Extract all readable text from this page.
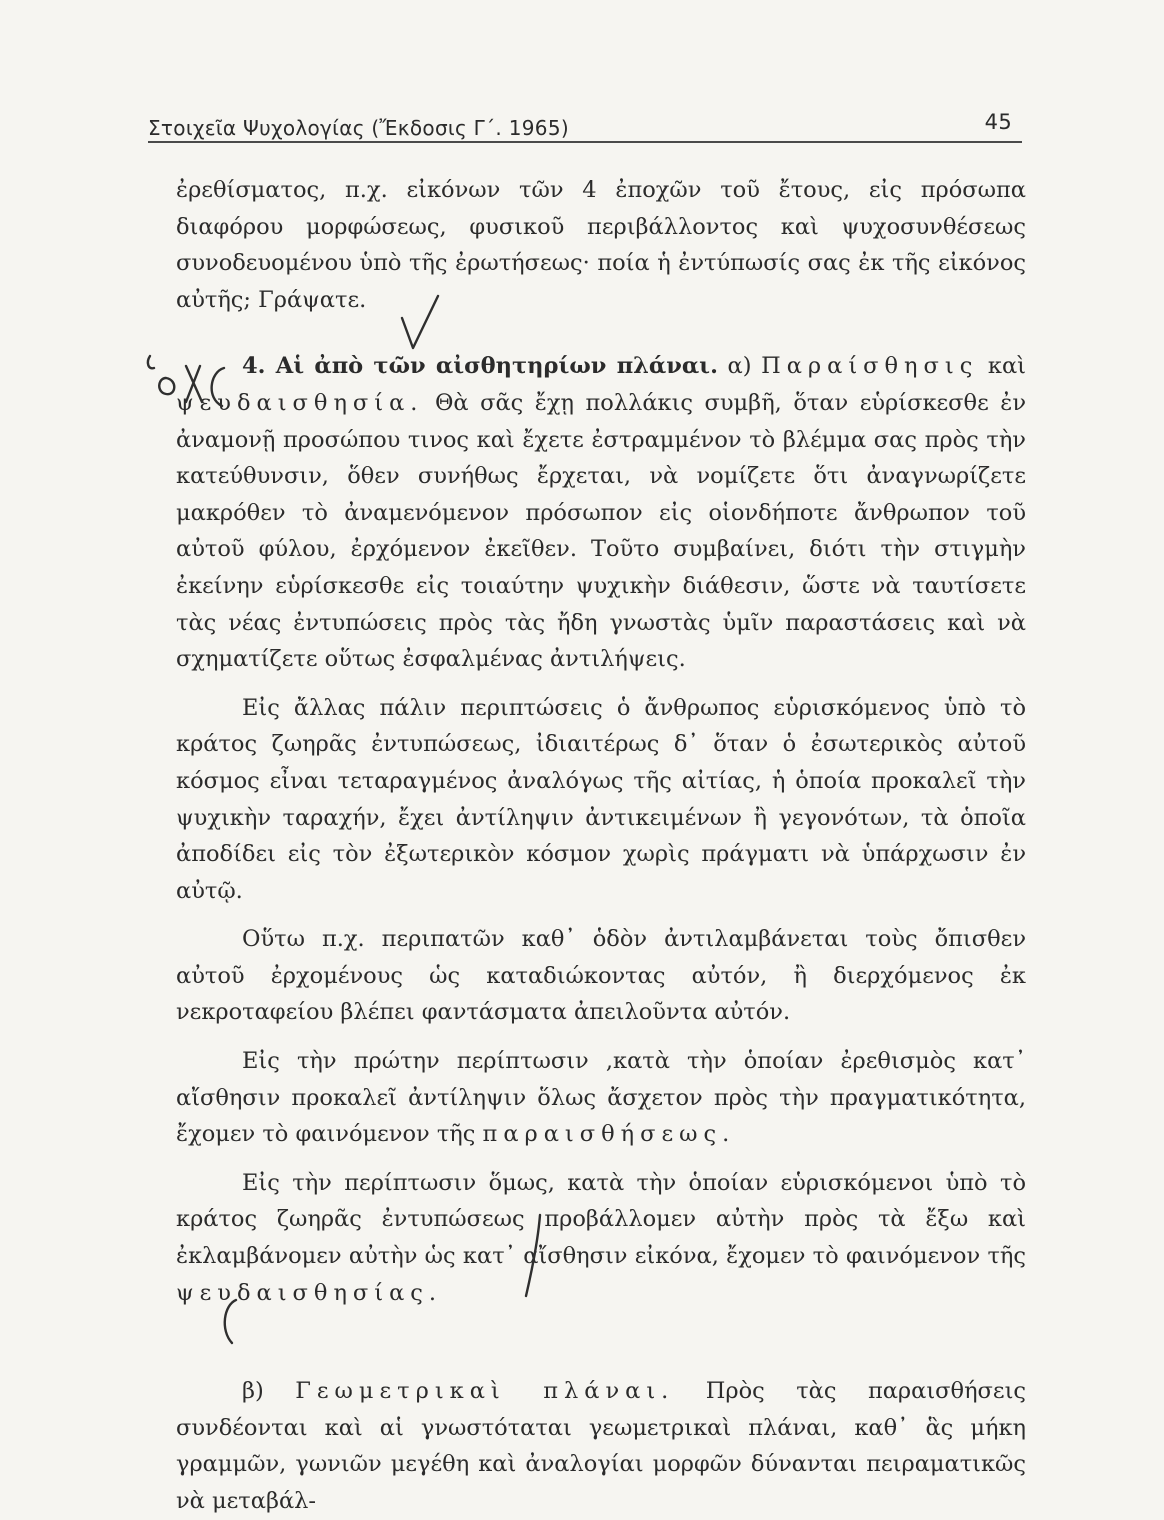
Στοιχεῖα Ψυχολογίας (Ἔκδοσις Γ΄. 1965)	45

ἐρεθίσματος, π.χ. εἰκόνων τῶν 4 ἐποχῶν τοῦ ἔτους, εἰς πρόσωπα διαφόρου μορφώσεως, φυσικοῦ περιβάλλοντος καὶ ψυχοσυνθέσεως συνοδευομένου ὑπὸ τῆς ἐρωτήσεως· ποία ἡ ἐντύπωσίς σας ἐκ τῆς εἰκόνος αὐτῆς; Γράψατε.

4. Αἱ ἀπὸ τῶν αἰσθητηρίων πλάναι. α) Παραίσθησις καὶ ψευδαισθησία. Θὰ σᾶς ἔχῃ πολλάκις συμβῆ, ὅταν εὑρίσκεσθε ἐν ἀναμονῇ προσώπου τινος καὶ ἔχετε ἐστραμμένον τὸ βλέμμα σας πρὸς τὴν κατεύθυνσιν, ὅθεν συνήθως ἔρχεται, νὰ νομίζετε ὅτι ἀναγνωρίζετε μακρόθεν τὸ ἀναμενόμενον πρόσωπον εἰς οἱονδήποτε ἄνθρωπον τοῦ αὐτοῦ φύλου, ἐρχόμενον ἐκεῖθεν. Τοῦτο συμβαίνει, διότι τὴν στιγμὴν ἐκείνην εὑρίσκεσθε εἰς τοιαύτην ψυχικὴν διάθεσιν, ὥστε νὰ ταυτίσετε τὰς νέας ἐντυπώσεις πρὸς τὰς ἤδη γνωστὰς ὑμῖν παραστάσεις καὶ νὰ σχηματίζετε οὕτως ἐσφαλμένας ἀντιλήψεις.

Εἰς ἄλλας πάλιν περιπτώσεις ὁ ἄνθρωπος εὑρισκόμενος ὑπὸ τὸ κράτος ζωηρᾶς ἐντυπώσεως, ἰδιαιτέρως δ᾿ ὅταν ὁ ἐσωτερικὸς αὐτοῦ κόσμος εἶναι τεταραγμένος ἀναλόγως τῆς αἰτίας, ἡ ὁποία προκαλεῖ τὴν ψυχικὴν ταραχήν, ἔχει ἀντίληψιν ἀντικειμένων ἢ γεγονότων, τὰ ὁποῖα ἀποδίδει εἰς τὸν ἐξωτερικὸν κόσμον χωρὶς πράγματι νὰ ὑπάρχωσιν ἐν αὐτῷ.

Οὕτω π.χ. περιπατῶν καθ᾿ ὁδὸν ἀντιλαμβάνεται τοὺς ὄπισθεν αὐτοῦ ἐρχομένους ὡς καταδιώκοντας αὐτόν, ἢ διερχόμενος ἐκ νεκροταφείου βλέπει φαντάσματα ἀπειλοῦντα αὐτόν.

Εἰς τὴν πρώτην περίπτωσιν ,κατὰ τὴν ὁποίαν ἐρεθισμὸς κατ᾿ αἴσθησιν προκαλεῖ ἀντίληψιν ὅλως ἄσχετον πρὸς τὴν πραγματικότητα, ἔχομεν τὸ φαινόμενον τῆς παραισθήσεως.

Εἰς τὴν περίπτωσιν ὅμως, κατὰ τὴν ὁποίαν εὑρισκόμενοι ὑπὸ τὸ κράτος ζωηρᾶς ἐντυπώσεως προβάλλομεν αὐτὴν πρὸς τὰ ἔξω καὶ ἐκλαμβάνομεν αὐτὴν ὡς κατ᾿ αἴσθησιν εἰκόνα, ἔχομεν τὸ φαινόμενον τῆς ψευδαισθησίας.

β) Γεωμετρικαὶ πλάναι. Πρὸς τὰς παραισθήσεις συνδέονται καὶ αἱ γνωστόταται γεωμετρικαὶ πλάναι, καθ᾿ ἃς μήκη γραμμῶν, γωνιῶν μεγέθη καὶ ἀναλογίαι μορφῶν δύνανται πειραματικῶς νὰ μεταβάλ-
